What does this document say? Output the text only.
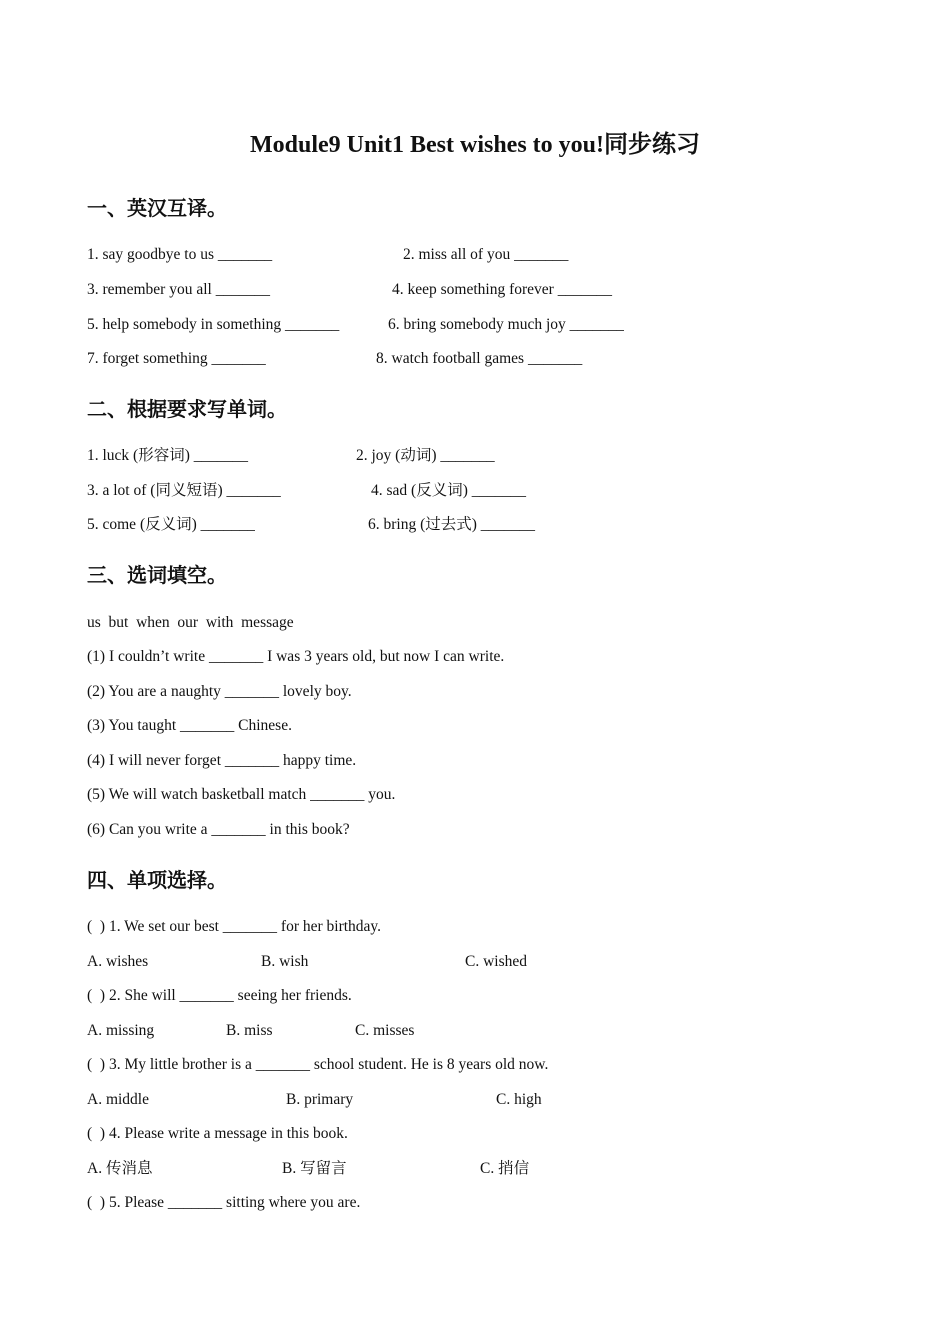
Module9 Unit1 Best wishes to you!同步练习
一、英汉互译。
1. say goodbye to us _______	2. miss all of you _______
3. remember you all _______	4. keep something forever _______
5. help somebody in something _______	6. bring somebody much joy _______
7. forget something _______	8. watch football games _______
二、根据要求写单词。
1. luck (形容词) _______	2. joy (动词) _______
3. a lot of (同义短语) _______	4. sad (反义词) _______
5. come (反义词) _______	6. bring (过去式) _______
三、选词填空。
us  but  when  our  with  message
(1) I couldn’t write _______ I was 3 years old, but now I can write.
(2) You are a naughty _______ lovely boy.
(3) You taught _______ Chinese.
(4) I will never forget _______ happy time.
(5) We will watch basketball match _______ you.
(6) Can you write a _______ in this book?
四、单项选择。
(  ) 1. We set our best _______ for her birthday.
A. wishes	B. wish	C. wished
(  ) 2. She will _______ seeing her friends.
A. missing	B. miss	C. misses
(  ) 3. My little brother is a _______ school student. He is 8 years old now.
A. middle	B. primary	C. high
(  ) 4. Please write a message in this book.
A. 传消息	B. 写留言	C. 捎信
(  ) 5. Please _______ sitting where you are.
